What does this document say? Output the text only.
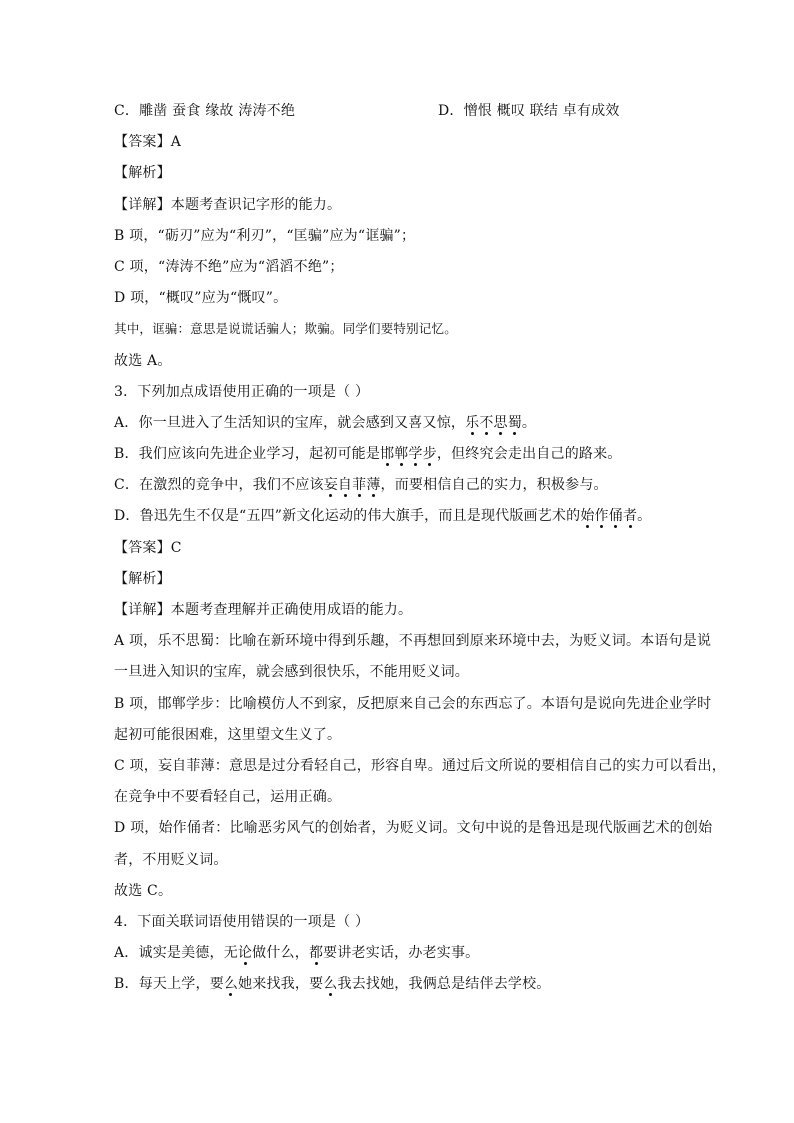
C．雕凿 蚕食 缘故 涛涛不绝	D．憎恨 概叹 联结 卓有成效
【答案】A
【解析】
【详解】本题考查识记字形的能力。
B 项，“砺刃”应为“利刃”，“匡骗”应为“诓骗”；
C 项，“涛涛不绝”应为“滔滔不绝”；
D 项，“概叹”应为“慨叹”。
其中，诓骗：意思是说谎话骗人；欺骗。同学们要特别记忆。
故选 A。
3．下列加点成语使用正确的一项是（ ）
A．你一旦进入了生活知识的宝库，就会感到又喜又惊，乐不思蜀。
B．我们应该向先进企业学习，起初可能是邯郸学步，但终究会走出自己的路来。
C．在激烈的竞争中，我们不应该妄自菲薄，而要相信自己的实力，积极参与。
D．鲁迅先生不仅是“五四”新文化运动的伟大旗手，而且是现代版画艺术的始作俑者。
【答案】C
【解析】
【详解】本题考查理解并正确使用成语的能力。
A 项，乐不思蜀：比喻在新环境中得到乐趣，不再想回到原来环境中去，为贬义词。本语句是说
一旦进入知识的宝库，就会感到很快乐，不能用贬义词。
B 项，邯郸学步：比喻模仿人不到家，反把原来自己会的东西忘了。本语句是说向先进企业学时
起初可能很困难，这里望文生义了。
C 项，妄自菲薄：意思是过分看轻自己，形容自卑。通过后文所说的要相信自己的实力可以看出，
在竞争中不要看轻自己，运用正确。
D 项，始作俑者：比喻恶劣风气的创始者，为贬义词。文句中说的是鲁迅是现代版画艺术的创始
者，不用贬义词。
故选 C。
4．下面关联词语使用错误的一项是（ ）
A．诚实是美德，无论做什么，都要讲老实话，办老实事。
B．每天上学，要么她来找我，要么我去找她，我俩总是结伴去学校。
